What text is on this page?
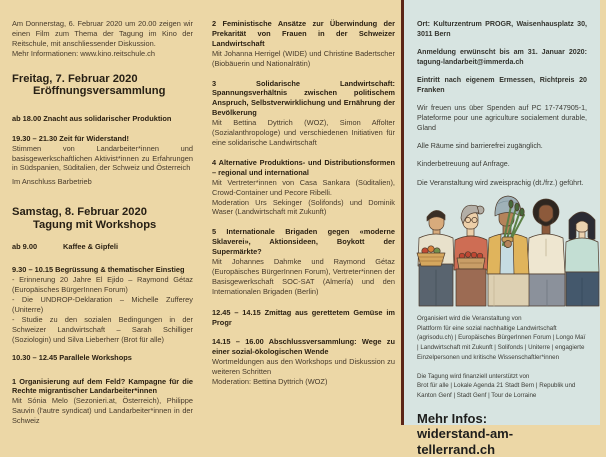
Am Donnerstag, 6. Februar 2020 um 20.00 zeigen wir einen Film zum Thema der Tagung im Kino der Reitschule, mit anschliessender Diskussion.
Mehr Informationen: www.kino.reitschule.ch
Freitag, 7. Februar 2020
Eröffnungsversammlung
ab 18.00 Znacht aus solidarischer Produktion
19.30 – 21.30 Zeit für Widerstand!
Stimmen von Landarbeiter*innen und basisgewerkschaftlichen Aktivist*innen zu Erfahrungen in Südspanien, Süditalien, der Schweiz und Österreich
Im Anschluss Barbetrieb
Samstag, 8. Februar 2020
Tagung mit Workshops
ab 9.00	Kaffee & Gipfeli
9.30 – 10.15 Begrüssung & thematischer Einstieg
- Erinnerung 20 Jahre El Ejido – Raymond Gétaz (Europäisches BürgerInnen Forum)
- Die UNDROP-Deklaration – Michelle Zufferey (Uniterre)
- Studie zu den sozialen Bedingungen in der Schweizer Landwirtschaft – Sarah Schilliger (Soziologin) und Silva Lieberherr (Brot für alle)
10.30 – 12.45 Parallele Workshops
1 Organisierung auf dem Feld? Kampagne für die Rechte migrantischer Landarbeiter*innen
Mit Sónia Melo (Sezonieri.at, Österreich), Philippe Sauvin (l'autre syndicat) und Landarbeiter*innen in der Schweiz
2 Feministische Ansätze zur Überwindung der Prekarität von Frauen in der Schweizer Landwirtschaft
Mit Johanna Herrigel (WIDE) und Christine Badertscher (Biobäuerin und Nationalrätin)
3 Solidarische Landwirtschaft: Spannungsverhältnis zwischen politischem Anspruch, Selbstverwirklichung und Ernährung der Bevölkerung
Mit Bettina Dyttrich (WOZ), Simon Affolter (Sozialanthropologe) und verschiedenen Initiativen für eine solidarische Landwirtschaft
4 Alternative Produktions- und Distributionsformen – regional und international
Mit Vertreter*innen von Casa Sankara (Süditalien), Crowd-Container und Pecore Ribelli.
Moderation Urs Sekinger (Solifonds) und Dominik Waser (Landwirtschaft mit Zukunft)
5 Internationale Brigaden gegen «moderne Sklaverei», Aktionsideen, Boykott der Supermärkte?
Mit Johannes Dahmke und Raymond Gétaz (Europäisches BürgerInnen Forum), Vertreter*innen der Basisgewerkschaft SOC-SAT (Almería) und den Internationalen Brigaden (Berlin)
12.45 – 14.15 Zmittag aus gerettetem Gemüse im Progr
14.15 – 16.00 Abschlussversammlung: Wege zu einer sozial-ökologischen Wende
Wortmeldungen aus den Workshops und Diskussion zu weiteren Schritten
Moderation: Bettina Dyttrich (WOZ)
Ort: Kulturzentrum PROGR, Waisenhausplatz 30, 3011 Bern
Anmeldung erwünscht bis am 31. Januar 2020: tagung-landarbeit@immerda.ch
Eintritt nach eigenem Ermessen, Richtpreis 20 Franken
Wir freuen uns über Spenden auf PC 17-747905-1, Plateforme pour une agriculture socialement durable, Gland
Alle Räume sind barrierefrei zugänglich.
Kinderbetreuung auf Anfrage.
Die Veranstaltung wird zweisprachig (dt./frz.) geführt.
Organisiert wird die Veranstaltung von
Plattform für eine sozial nachhaltige Landwirtschaft (agrisodu.ch) | Europäisches BürgerInnen Forum | Longo Maï | Landwirtschaft mit Zukunft | Solifonds | Uniterre | engagierte Einzelpersonen und kritische Wissenschaftler*innen
Die Tagung wird finanziell unterstützt von
Brot für alle | Lokale Agenda 21 Stadt Bern | Republik und Kanton Genf | Stadt Genf | Tour de Lorraine
Mehr Infos:
widerstand-am-tellerrand.ch
